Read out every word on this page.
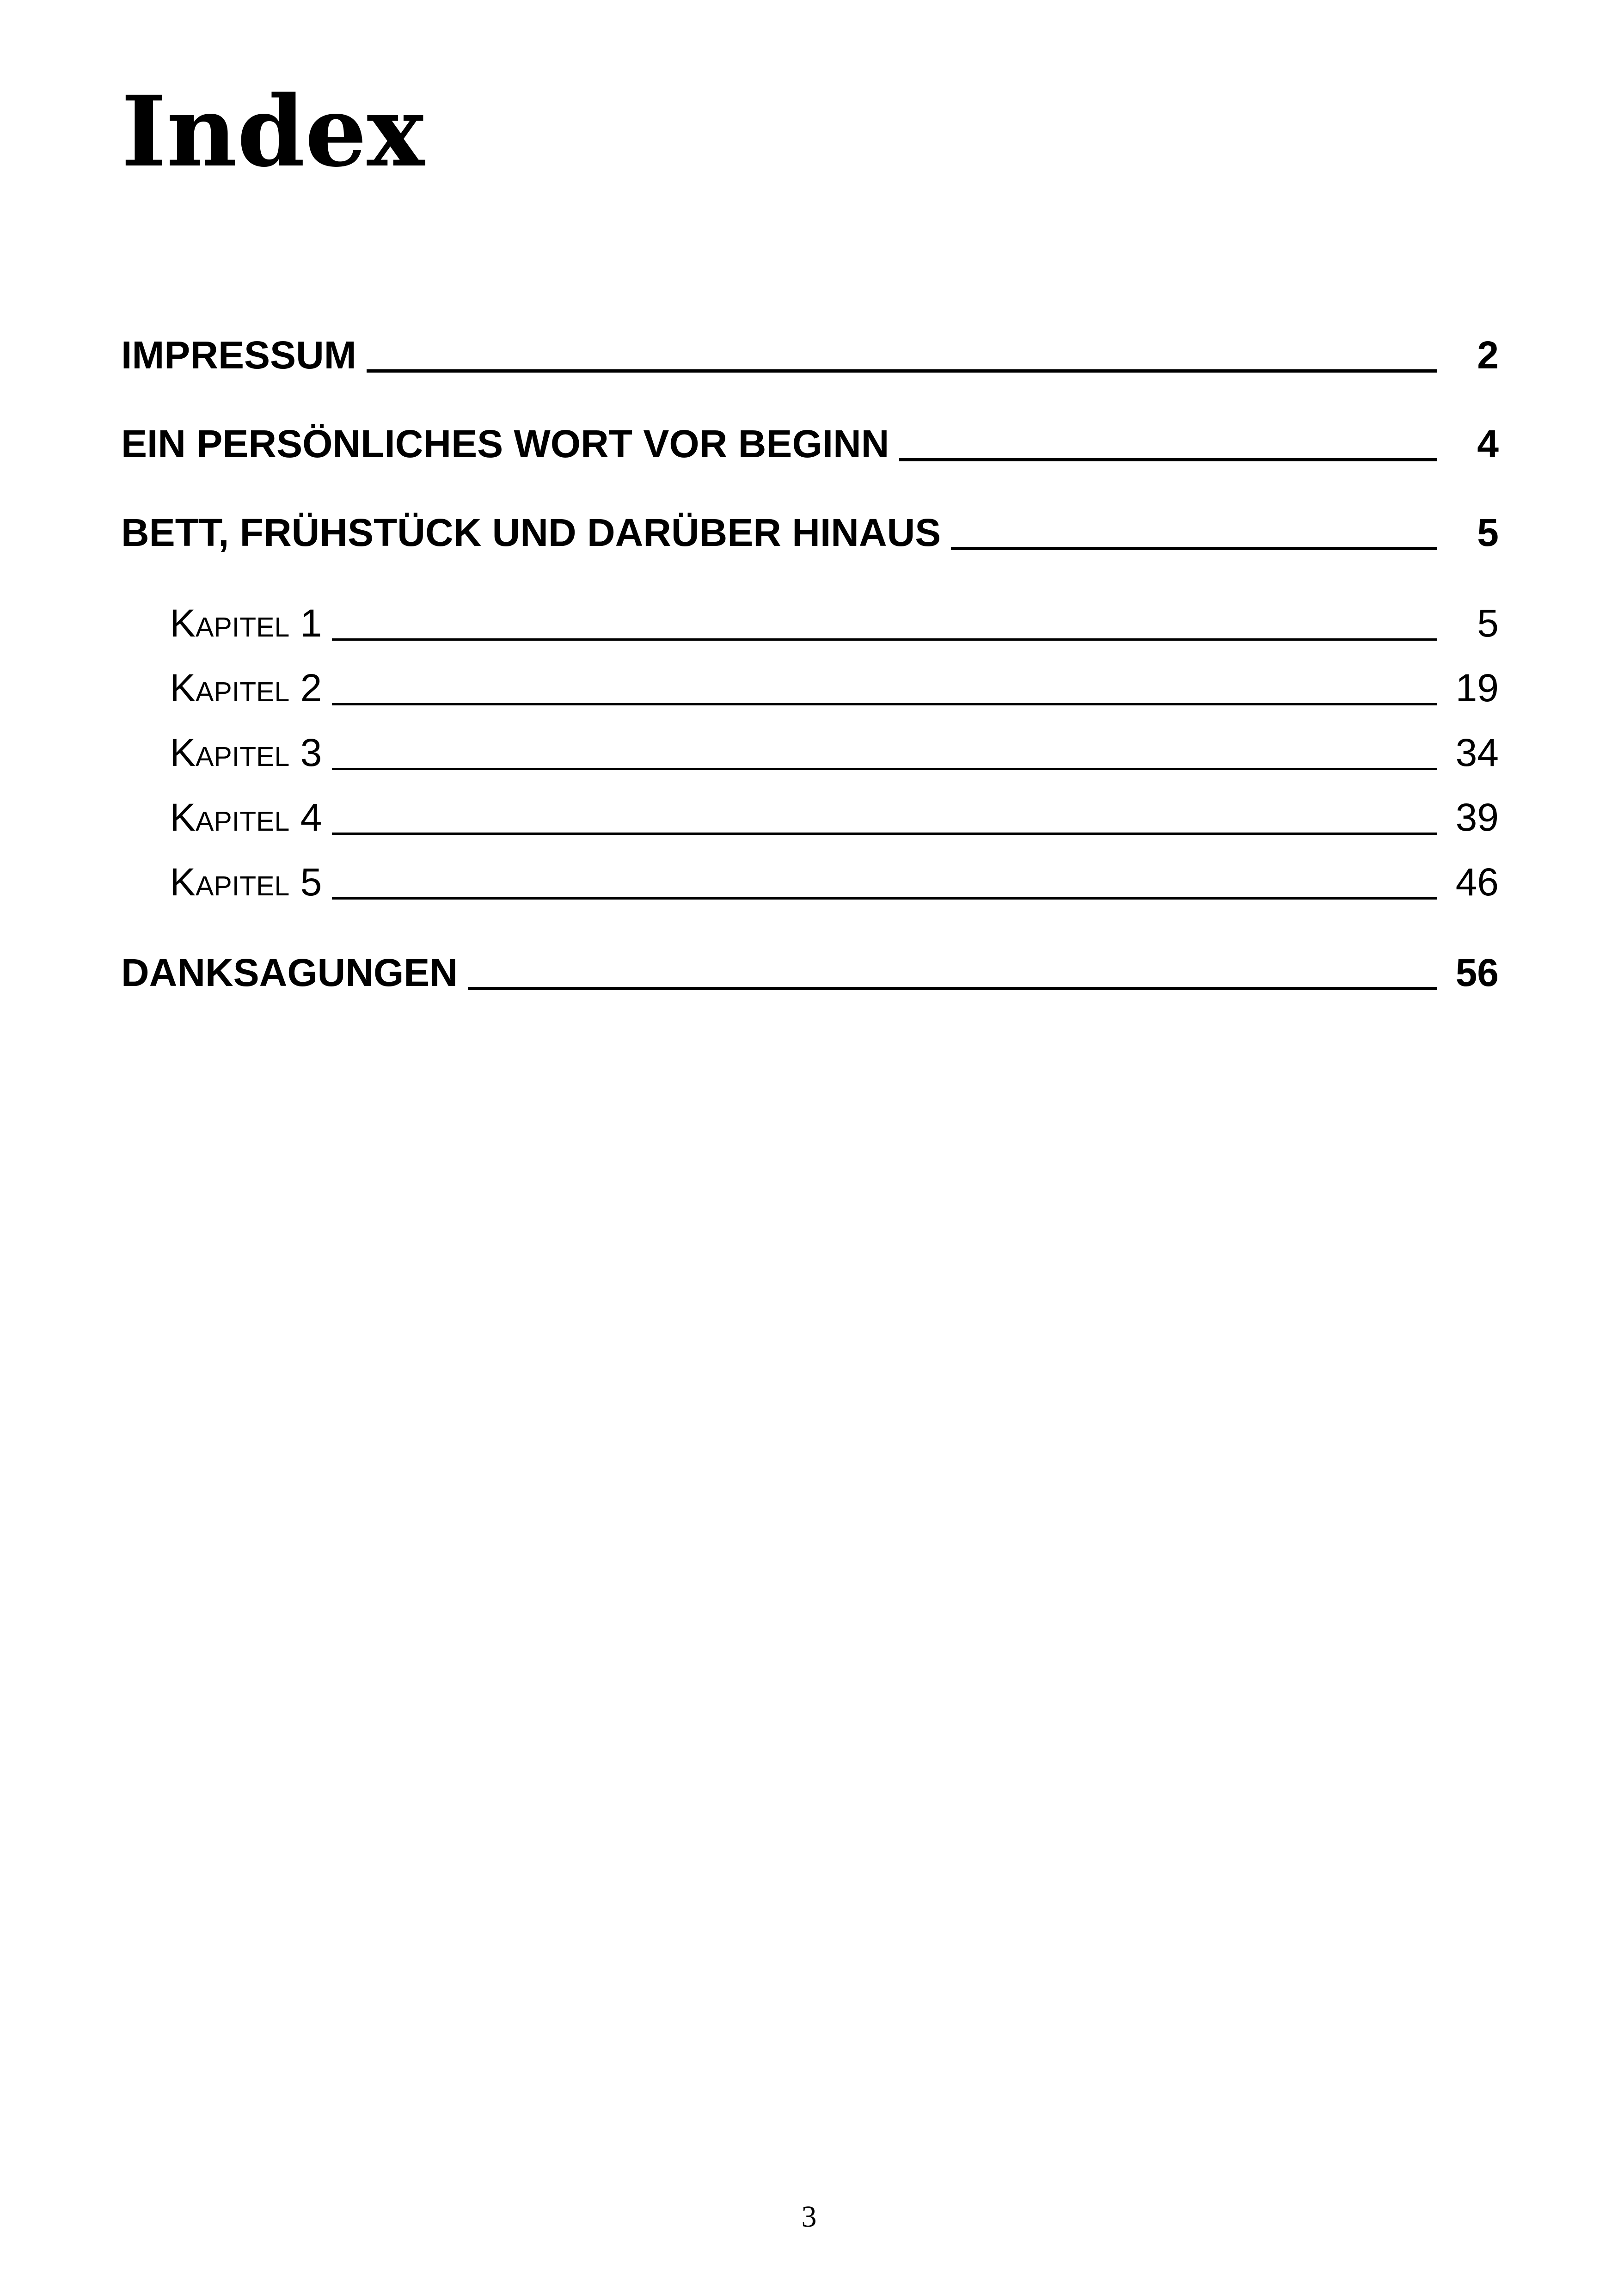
Index
IMPRESSUM	2
EIN PERSÖNLICHES WORT VOR BEGINN	4
BETT, FRÜHSTÜCK UND DARÜBER HINAUS	5
Kapitel 1	5
Kapitel 2	19
Kapitel 3	34
Kapitel 4	39
Kapitel 5	46
DANKSAGUNGEN	56
3
